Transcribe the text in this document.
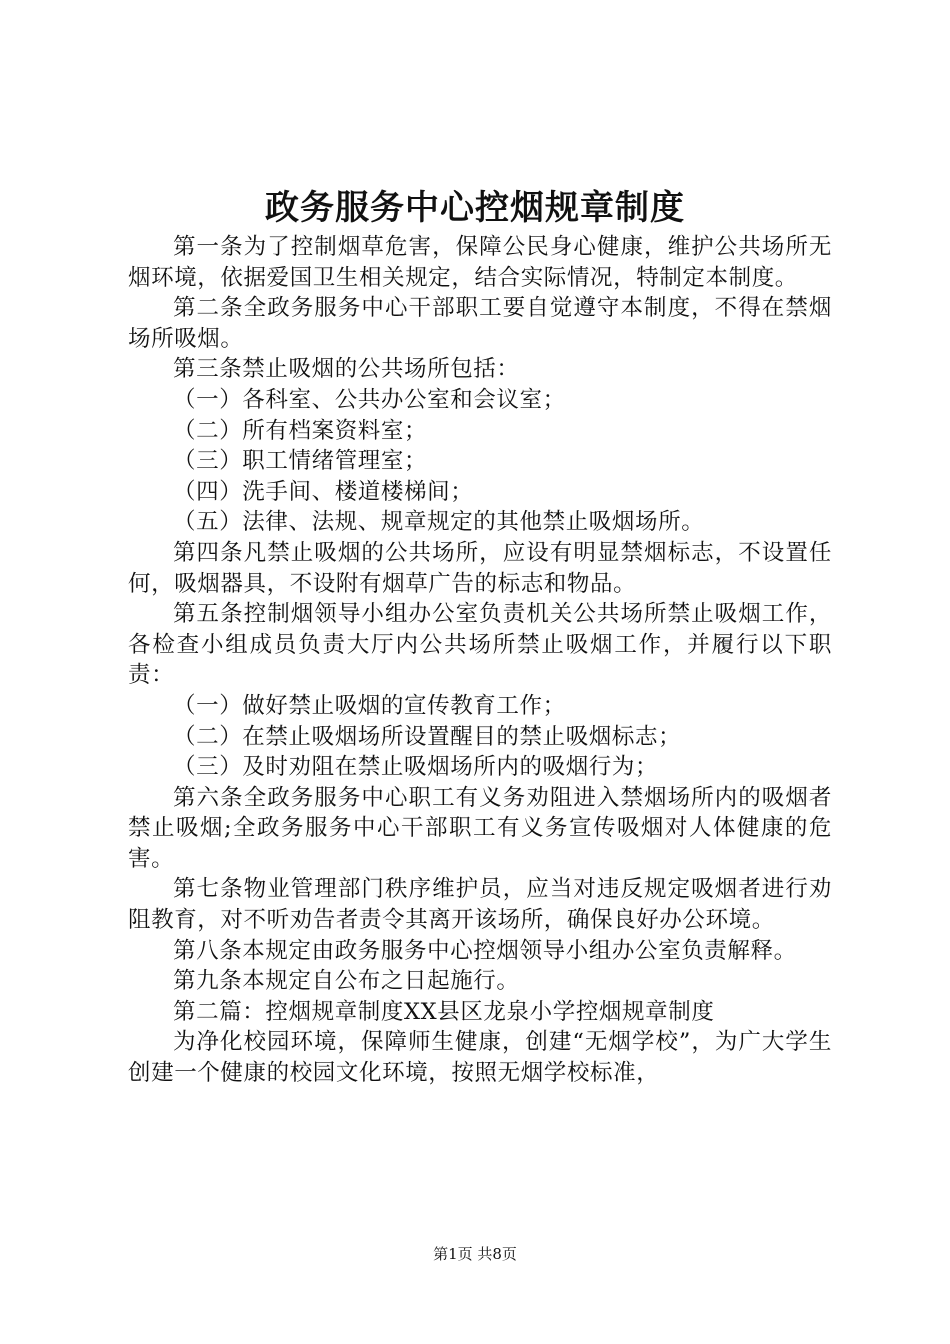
政务服务中心控烟规章制度

第一条为了控制烟草危害，保障公民身心健康，维护公共场所无烟环境，依据爱国卫生相关规定，结合实际情况，特制定本制度。

第二条全政务服务中心干部职工要自觉遵守本制度，不得在禁烟场所吸烟。

第三条禁止吸烟的公共场所包括：

（一）各科室、公共办公室和会议室；

（二）所有档案资料室；

（三）职工情绪管理室；

（四）洗手间、楼道楼梯间；

（五）法律、法规、规章规定的其他禁止吸烟场所。

第四条凡禁止吸烟的公共场所，应设有明显禁烟标志，不设置任何，吸烟器具，不设附有烟草广告的标志和物品。

第五条控制烟领导小组办公室负责机关公共场所禁止吸烟工作，各检查小组成员负责大厅内公共场所禁止吸烟工作，并履行以下职责：

（一）做好禁止吸烟的宣传教育工作；

（二）在禁止吸烟场所设置醒目的禁止吸烟标志；

（三）及时劝阻在禁止吸烟场所内的吸烟行为；

第六条全政务服务中心职工有义务劝阻进入禁烟场所内的吸烟者禁止吸烟;全政务服务中心干部职工有义务宣传吸烟对人体健康的危害。

第七条物业管理部门秩序维护员，应当对违反规定吸烟者进行劝阻教育，对不听劝告者责令其离开该场所，确保良好办公环境。

第八条本规定由政务服务中心控烟领导小组办公室负责解释。

第九条本规定自公布之日起施行。

第二篇：控烟规章制度XX县区龙泉小学控烟规章制度

为净化校园环境，保障师生健康，创建“无烟学校”，为广大学生创建一个健康的校园文化环境，按照无烟学校标准，

第1页 共8页
